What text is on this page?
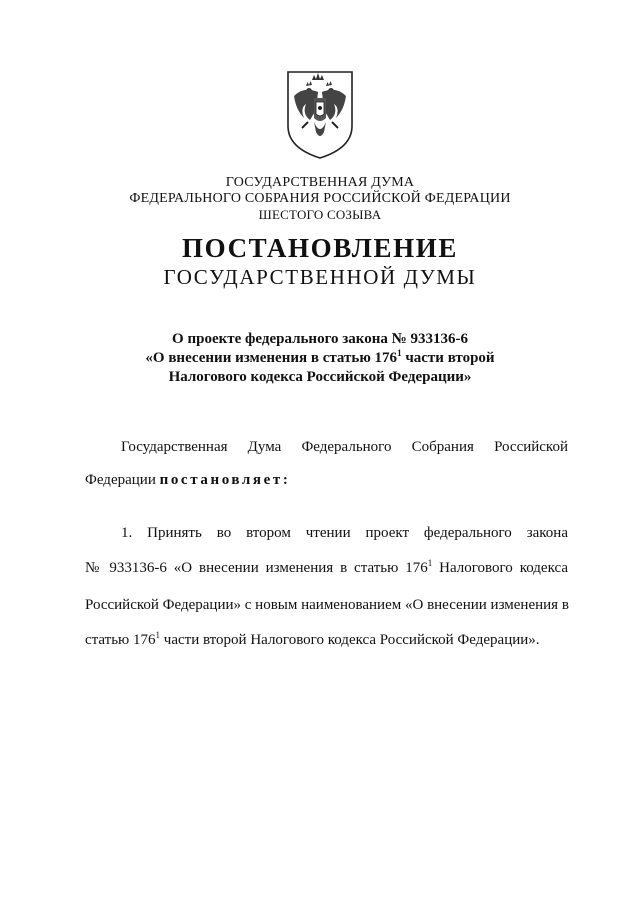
ГОСУДАРСТВЕННАЯ ДУМА
ФЕДЕРАЛЬНОГО СОБРАНИЯ РОССИЙСКОЙ ФЕДЕРАЦИИ
ШЕСТОГО СОЗЫВА
ПОСТАНОВЛЕНИЕ
ГОСУДАРСТВЕННОЙ ДУМЫ
О проекте федерального закона № 933136-6
«О внесении изменения в статью $176^1$ части второй
Налогового кодекса Российской Федерации»
Государственная Дума Федерального Собрания Российской
Федерации постановляет:
1. Принять во втором чтении проект федерального закона
№ 933136-6 «О внесении изменения в статью $176^1$ Налогового кодекса
Российской Федерации» с новым наименованием «О внесении изменения в
статью $176^1$ части второй Налогового кодекса Российской Федерации».
